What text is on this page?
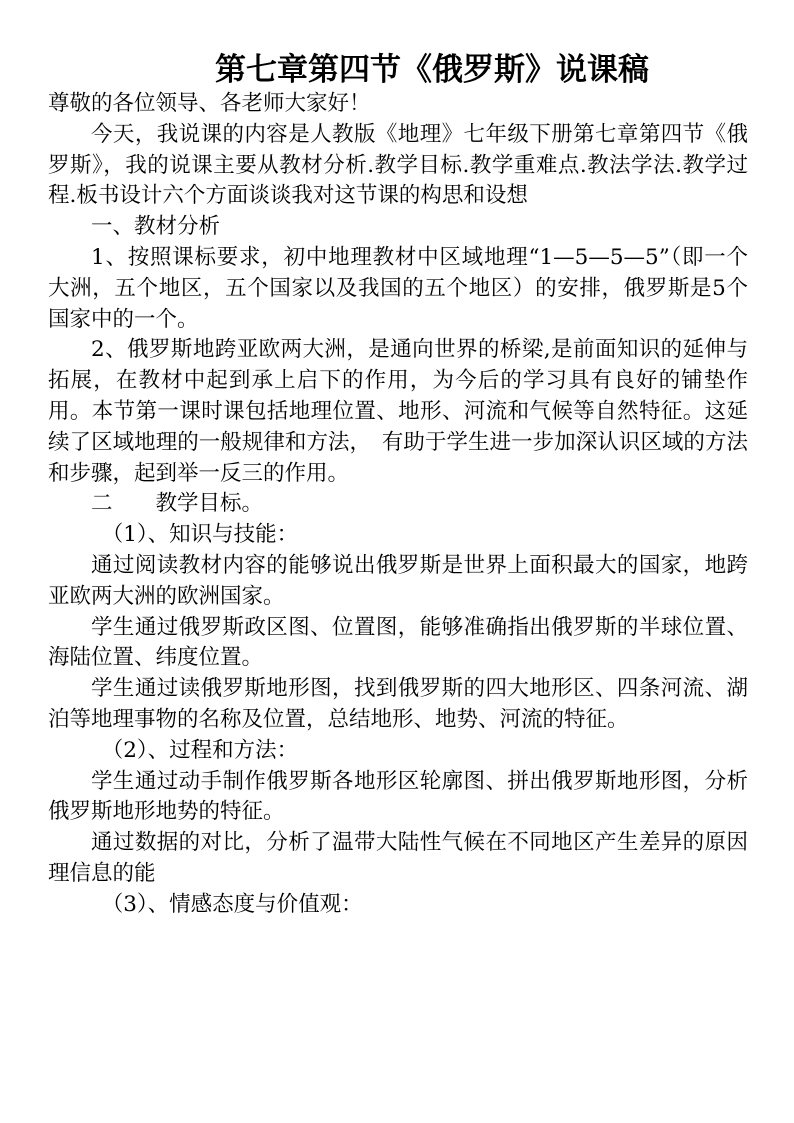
第七章第四节《俄罗斯》说课稿

尊敬的各位领导、各老师大家好！

今天，我说课的内容是人教版《地理》七年级下册第七章第四节《俄罗斯》，我的说课主要从教材分析.教学目标.教学重难点.教法学法.教学过程.板书设计六个方面谈谈我对这节课的构思和设想

一、教材分析

1、按照课标要求，初中地理教材中区域地理“1—5—5—5”（即一个大洲，五个地区，五个国家以及我国的五个地区）的安排，俄罗斯是5个国家中的一个。

2、俄罗斯地跨亚欧两大洲，是通向世界的桥梁,是前面知识的延伸与拓展，在教材中起到承上启下的作用，为今后的学习具有良好的铺垫作用。本节第一课时课包括地理位置、地形、河流和气候等自然特征。这延续了区域地理的一般规律和方法，　有助于学生进一步加深认识区域的方法和步骤，起到举一反三的作用。

二　　教学目标。

（1）、知识与技能：

通过阅读教材内容的能够说出俄罗斯是世界上面积最大的国家，地跨亚欧两大洲的欧洲国家。

学生通过俄罗斯政区图、位置图，能够准确指出俄罗斯的半球位置、海陆位置、纬度位置。

学生通过读俄罗斯地形图，找到俄罗斯的四大地形区、四条河流、湖泊等地理事物的名称及位置，总结地形、地势、河流的特征。

（2）、过程和方法：

学生通过动手制作俄罗斯各地形区轮廓图、拼出俄罗斯地形图，分析俄罗斯地形地势的特征。

通过数据的对比，分析了温带大陆性气候在不同地区产生差异的原因理信息的能

（3）、情感态度与价值观：
